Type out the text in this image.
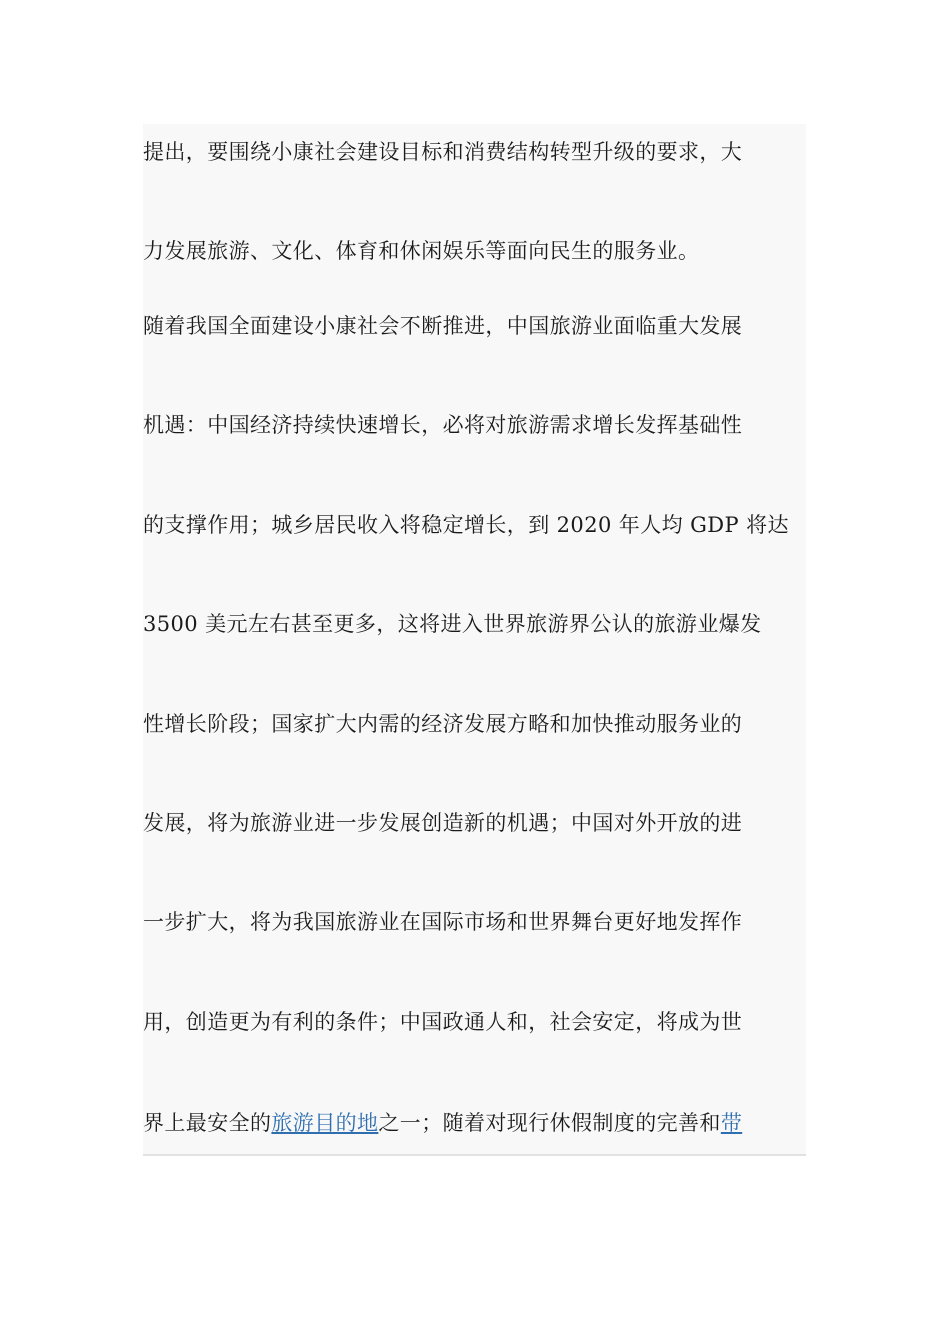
提出，要围绕小康社会建设目标和消费结构转型升级的要求，大
力发展旅游、文化、体育和休闲娱乐等面向民生的服务业。
随着我国全面建设小康社会不断推进，中国旅游业面临重大发展
机遇：中国经济持续快速增长，必将对旅游需求增长发挥基础性
的支撑作用；城乡居民收入将稳定增长，到 2020 年人均 GDP 将达
3500 美元左右甚至更多，这将进入世界旅游界公认的旅游业爆发
性增长阶段；国家扩大内需的经济发展方略和加快推动服务业的
发展，将为旅游业进一步发展创造新的机遇；中国对外开放的进
一步扩大，将为我国旅游业在国际市场和世界舞台更好地发挥作
用，创造更为有利的条件；中国政通人和，社会安定，将成为世
界上最安全的旅游目的地之一；随着对现行休假制度的完善和带
